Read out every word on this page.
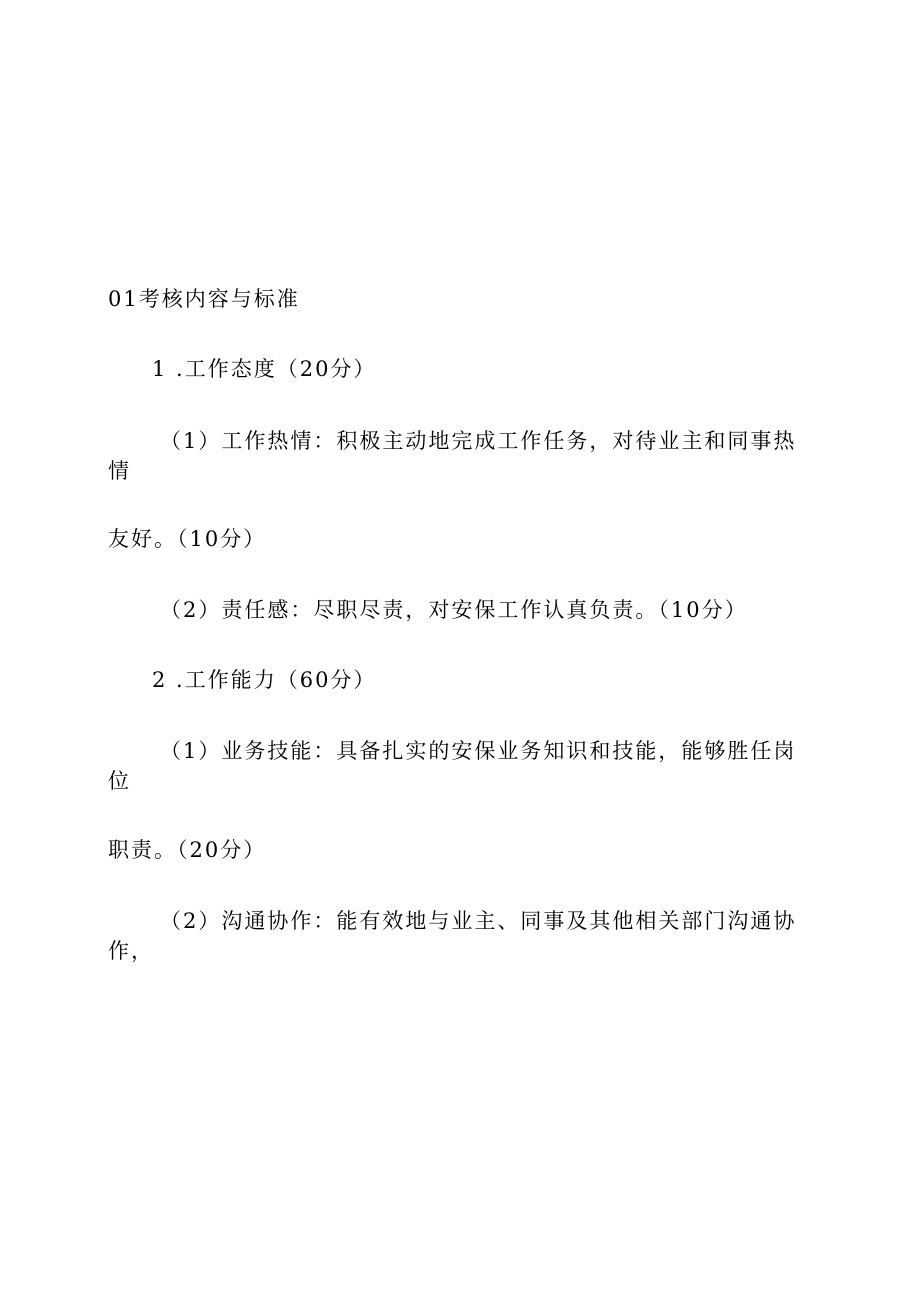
01考核内容与标准
1 .工作态度（20分）
（1）工作热情：积极主动地完成工作任务，对待业主和同事热
情
友好。（10分）
（2）责任感：尽职尽责，对安保工作认真负责。（10分）
2 .工作能力（60分）
（1）业务技能：具备扎实的安保业务知识和技能，能够胜任岗
位
职责。（20分）
（2）沟通协作：能有效地与业主、同事及其他相关部门沟通协
作，
